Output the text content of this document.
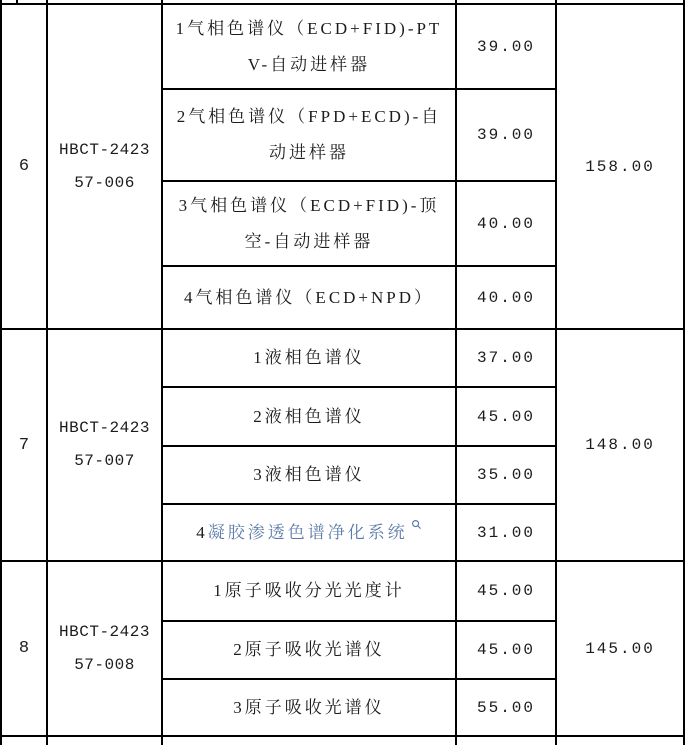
6
HBCT-2423
57-006
1气相色谱仪（ECD+FID)-PTV-自动进样器
39.00
2气相色谱仪（FPD+ECD)-自动进样器
39.00
3气相色谱仪（ECD+FID)-顶空-自动进样器
40.00
4气相色谱仪（ECD+NPD）	40.00
158.00
7
HBCT-2423
57-007
1液相色谱仪	37.00
2液相色谱仪	45.00
3液相色谱仪	35.00
4凝胶渗透色谱净化系统	31.00
148.00
8
HBCT-2423
57-008
1原子吸收分光光度计	45.00
2原子吸收光谱仪	45.00
3原子吸收光谱仪	55.00
145.00
